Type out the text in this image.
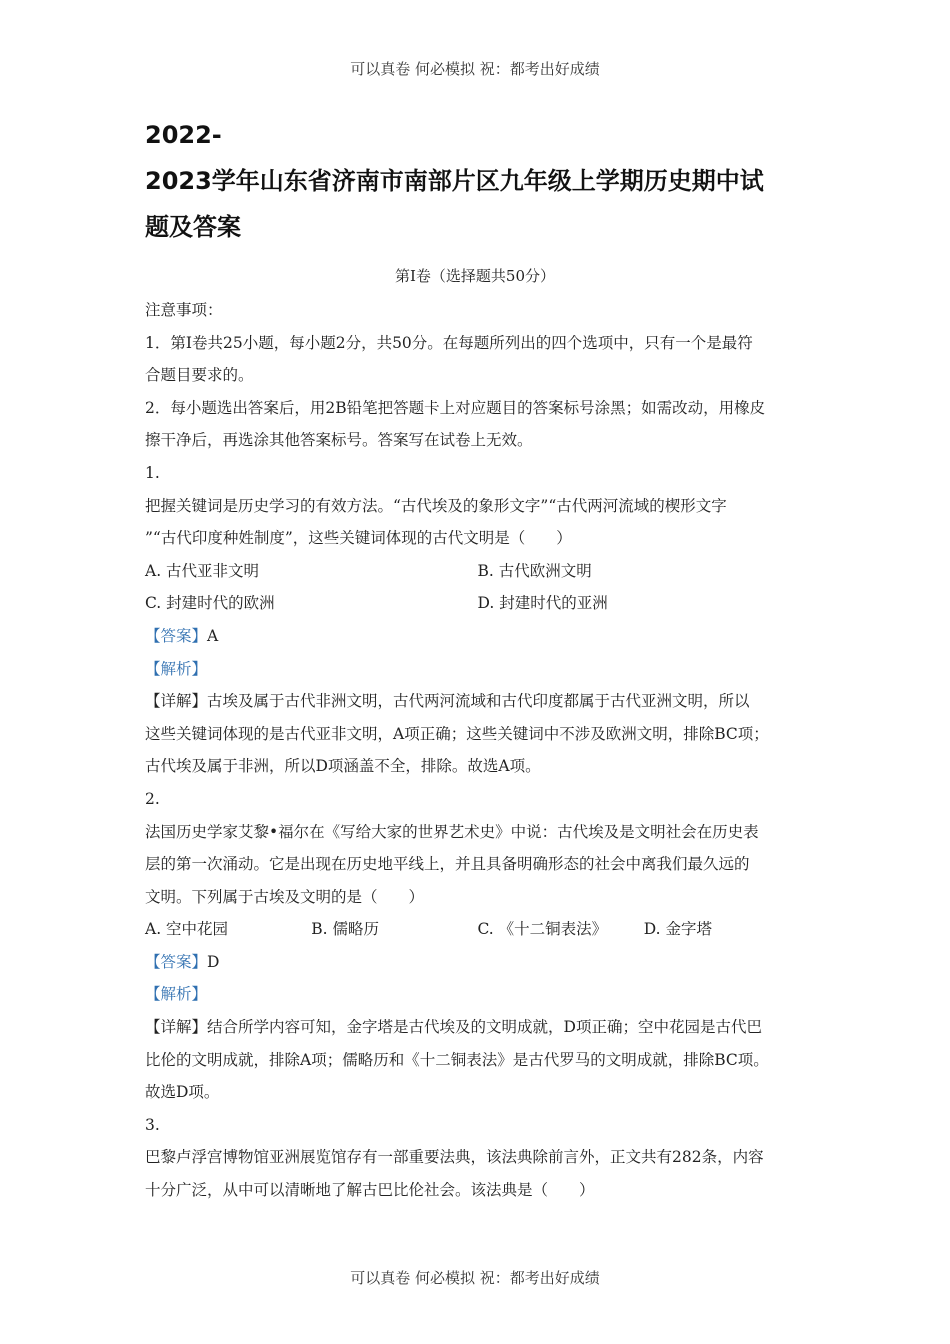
可以真卷 何必模拟 祝：都考出好成绩
2022-
2023学年山东省济南市南部片区九年级上学期历史期中试
题及答案
第Ⅰ卷（选择题共50分）
注意事项：
1．第Ⅰ卷共25小题，每小题2分，共50分。在每题所列出的四个选项中，只有一个是最符
合题目要求的。
2．每小题选出答案后，用2B铅笔把答题卡上对应题目的答案标号涂黑；如需改动，用橡皮
擦干净后，再选涂其他答案标号。答案写在试卷上无效。
1.
把握关键词是历史学习的有效方法。“古代埃及的象形文字”“古代两河流域的楔形文字
”“古代印度种姓制度”，这些关键词体现的古代文明是（　　）
A. 古代亚非文明	B. 古代欧洲文明
C. 封建时代的欧洲	D. 封建时代的亚洲
【答案】A
【解析】
【详解】古埃及属于古代非洲文明，古代两河流域和古代印度都属于古代亚洲文明，所以
这些关键词体现的是古代亚非文明，A项正确；这些关键词中不涉及欧洲文明，排除BC项；
古代埃及属于非洲，所以D项涵盖不全，排除。故选A项。
2.
法国历史学家艾黎•福尔在《写给大家的世界艺术史》中说：古代埃及是文明社会在历史表
层的第一次涌动。它是出现在历史地平线上，并且具备明确形态的社会中离我们最久远的
文明。下列属于古埃及文明的是（　　）
A. 空中花园	B. 儒略历	C. 《十二铜表法》	D. 金字塔
【答案】D
【解析】
【详解】结合所学内容可知，金字塔是古代埃及的文明成就，D项正确；空中花园是古代巴
比伦的文明成就，排除A项；儒略历和《十二铜表法》是古代罗马的文明成就，排除BC项。
故选D项。
3.
巴黎卢浮宫博物馆亚洲展览馆存有一部重要法典，该法典除前言外，正文共有282条，内容
十分广泛，从中可以清晰地了解古巴比伦社会。该法典是（　　）
可以真卷 何必模拟 祝：都考出好成绩
